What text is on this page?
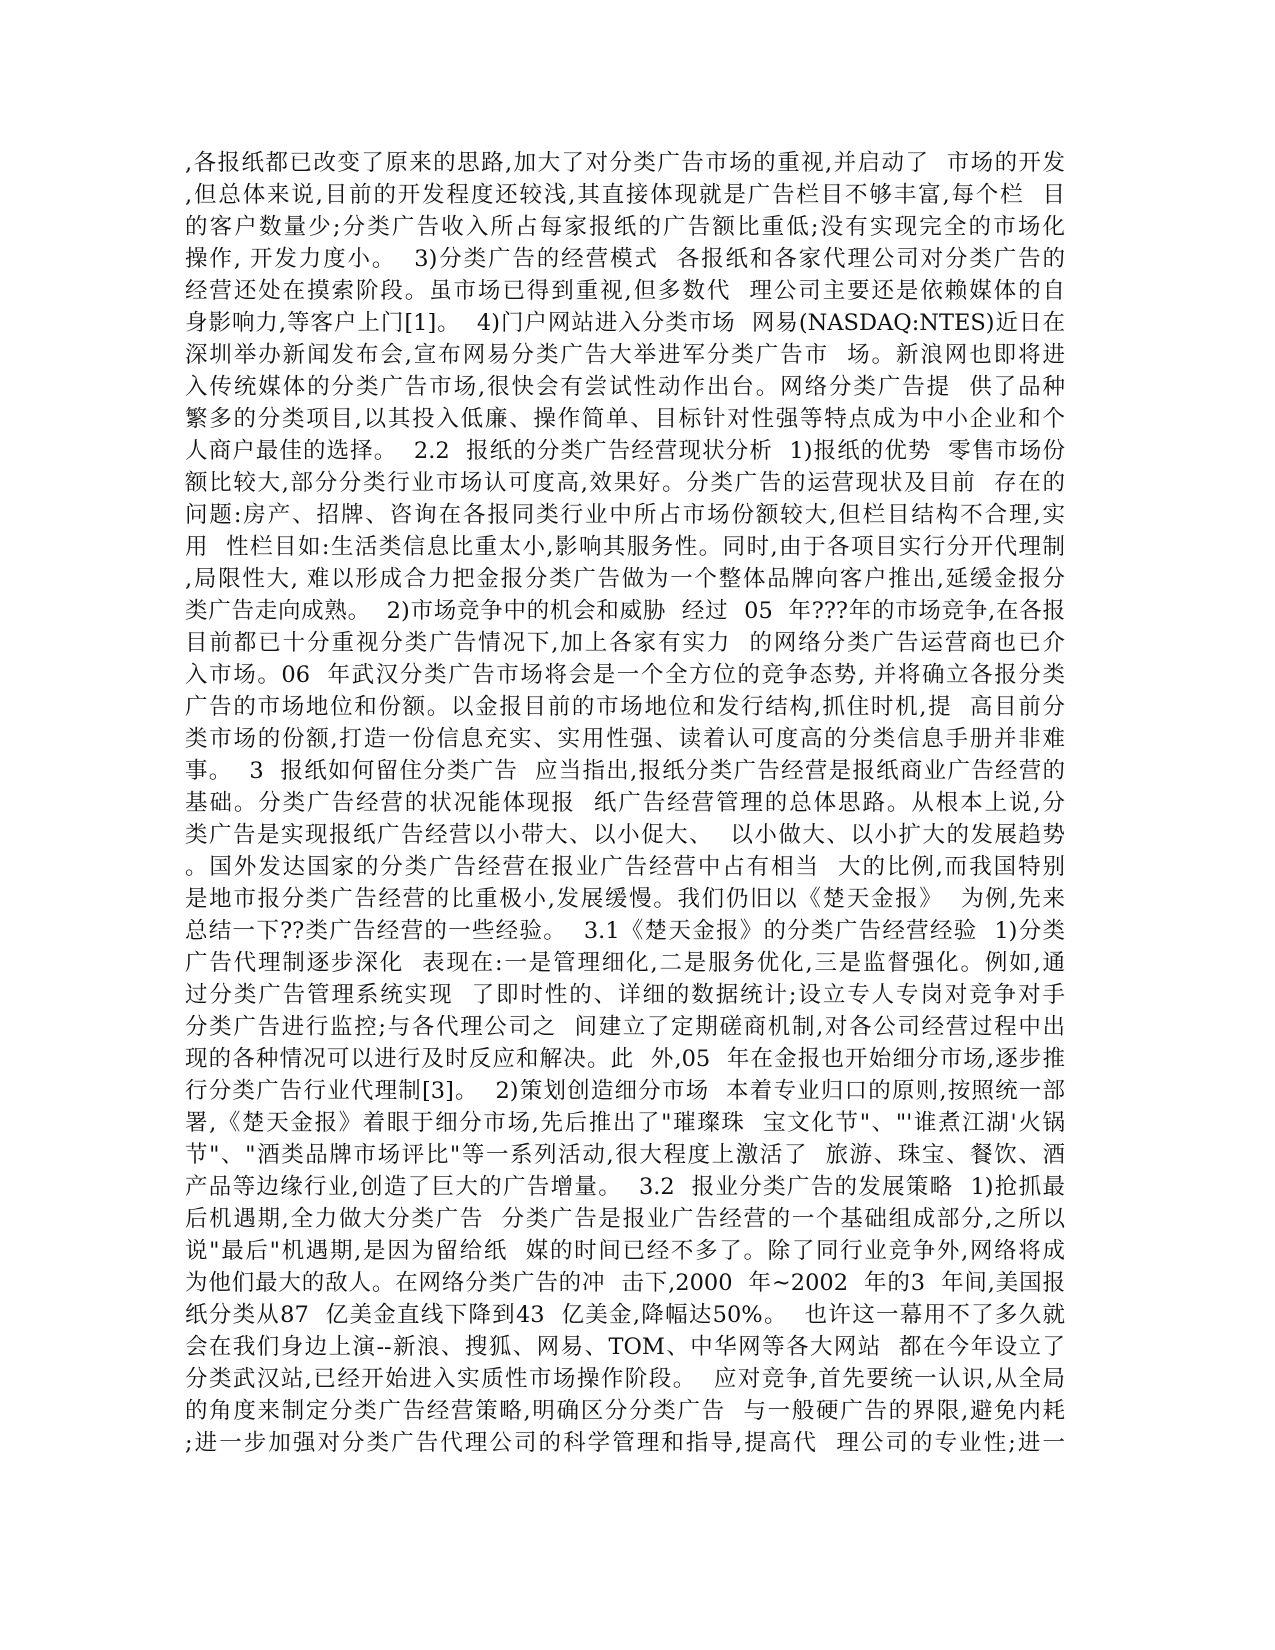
,各报纸都已改变了原来的思路,加大了对分类广告市场的重视,并启动了  市场的开发
,但总体来说,目前的开发程度还较浅,其直接体现就是广告栏目不够丰富,每个栏  目
的客户数量少;分类广告收入所占每家报纸的广告额比重低;没有实现完全的市场化
操作, 开发力度小。  3)分类广告的经营模式  各报纸和各家代理公司对分类广告的
经营还处在摸索阶段。虽市场已得到重视,但多数代  理公司主要还是依赖媒体的自
身影响力,等客户上门[1]。  4)门户网站进入分类市场  网易(NASDAQ:NTES)近日在
深圳举办新闻发布会,宣布网易分类广告大举进军分类广告市  场。新浪网也即将进
入传统媒体的分类广告市场,很快会有尝试性动作出台。网络分类广告提  供了品种
繁多的分类项目,以其投入低廉、操作简单、目标针对性强等特点成为中小企业和个
人商户最佳的选择。  2.2  报纸的分类广告经营现状分析  1)报纸的优势  零售市场份
额比较大,部分分类行业市场认可度高,效果好。分类广告的运营现状及目前  存在的
问题:房产、招牌、咨询在各报同类行业中所占市场份额较大,但栏目结构不合理,实
用  性栏目如:生活类信息比重太小,影响其服务性。同时,由于各项目实行分开代理制
,局限性大, 难以形成合力把金报分类广告做为一个整体品牌向客户推出,延缓金报分
类广告走向成熟。  2)市场竞争中的机会和威胁  经过  05  年???年的市场竞争,在各报
目前都已十分重视分类广告情况下,加上各家有实力  的网络分类广告运营商也已介
入市场。06  年武汉分类广告市场将会是一个全方位的竞争态势, 并将确立各报分类
广告的市场地位和份额。以金报目前的市场地位和发行结构,抓住时机,提  高目前分
类市场的份额,打造一份信息充实、实用性强、读着认可度高的分类信息手册并非难
事。  3  报纸如何留住分类广告  应当指出,报纸分类广告经营是报纸商业广告经营的
基础。分类广告经营的状况能体现报  纸广告经营管理的总体思路。从根本上说,分
类广告是实现报纸广告经营以小带大、以小促大、  以小做大、以小扩大的发展趋势
。国外发达国家的分类广告经营在报业广告经营中占有相当  大的比例,而我国特别
是地市报分类广告经营的比重极小,发展缓慢。我们仍旧以《楚天金报》  为例,先来
总结一下??类广告经营的一些经验。  3.1《楚天金报》的分类广告经营经验  1)分类
广告代理制逐步深化  表现在:一是管理细化,二是服务优化,三是监督强化。例如,通
过分类广告管理系统实现  了即时性的、详细的数据统计;设立专人专岗对竞争对手
分类广告进行监控;与各代理公司之  间建立了定期磋商机制,对各公司经营过程中出
现的各种情况可以进行及时反应和解决。此  外,05  年在金报也开始细分市场,逐步推
行分类广告行业代理制[3]。  2)策划创造细分市场  本着专业归口的原则,按照统一部
署,《楚天金报》着眼于细分市场,先后推出了"璀璨珠  宝文化节"、"'谁煮江湖'火锅
节"、"酒类品牌市场评比"等一系列活动,很大程度上激活了  旅游、珠宝、餐饮、酒
产品等边缘行业,创造了巨大的广告增量。  3.2  报业分类广告的发展策略  1)抢抓最
后机遇期,全力做大分类广告  分类广告是报业广告经营的一个基础组成部分,之所以
说"最后"机遇期,是因为留给纸  媒的时间已经不多了。除了同行业竞争外,网络将成
为他们最大的敌人。在网络分类广告的冲  击下,2000  年~2002  年的3  年间,美国报
纸分类从87  亿美金直线下降到43  亿美金,降幅达50%。  也许这一幕用不了多久就
会在我们身边上演--新浪、搜狐、网易、TOM、中华网等各大网站  都在今年设立了
分类武汉站,已经开始进入实质性市场操作阶段。  应对竞争,首先要统一认识,从全局
的角度来制定分类广告经营策略,明确区分分类广告  与一般硬广告的界限,避免内耗
;进一步加强对分类广告代理公司的科学管理和指导,提高代  理公司的专业性;进一
